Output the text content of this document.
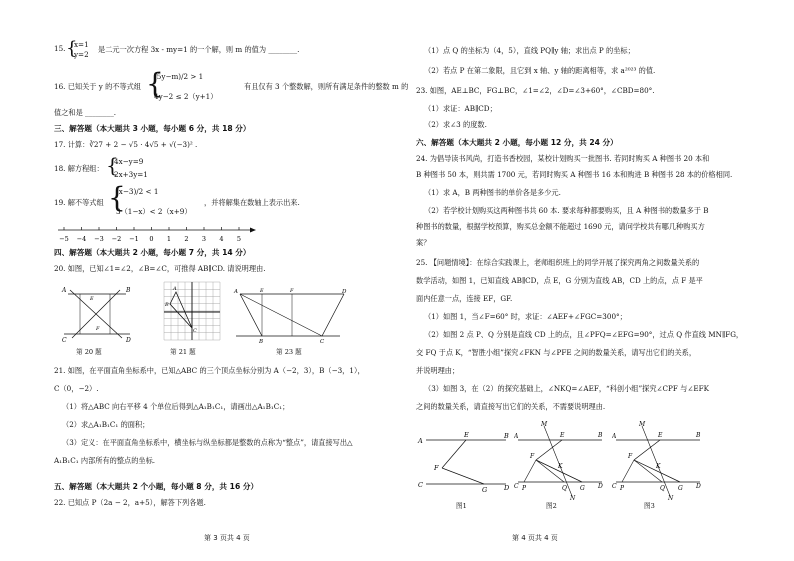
15. {
x=1
y=2
是二元一次方程 3x - my=1 的一个解，则 m 的值为 ________.
16. 已知关于 y 的不等式组 {
(5y−m)/2 > 1
4y−2 ≤ 2（y+1）
有且仅有 3 个整数解，则所有满足条件的整数 m 的
值之和是 ________.
三、解答题（本大题共 3 小题，每小题 6 分，共 18 分）
17. 计算：∛27 + 2 − √5 · 4√5 + √(−3)² .
18. 解方程组： {
4x−y=9
2x+3y=1
19. 解不等式组 {
(x−3)/2 < 1
3（1−x）< 2（x+9）
，并将解集在数轴上表示出来.
−5 −4 −3 −2 −1 0 1 2 3 4 5
四、解答题（本大题共 2 小题，每小题 7 分，共 14 分）
20. 如图，已知∠1=∠2，∠B=∠C，可推得 AB∥CD. 请说明理由.
A	B
C	D
E
F
第 20 题
A
B
C
第 21 题
A	D
B	C
E	F
第 23 题
21. 如图，在平面直角坐标系中，已知△ABC 的三个顶点坐标分别为 A（−2，3），B（−3，1），
C（0，−2）.
（1）将△ABC 向右平移 4 个单位后得到△A₁B₁C₁，请画出△A₁B₁C₁；
（2）求△A₁B₁C₁ 的面积；
（3）定义：在平面直角坐标系中，横坐标与纵坐标都是整数的点称为“整点”，请直接写出△
A₁B₁C₁ 内部所有的整点的坐标.
五、解答题（本大题共 2 个小题，每小题 8 分，共 16 分）
22. 已知点 P（2a − 2，a+5），解答下列各题.
第 3 页共 4 页
（1）点 Q 的坐标为（4，5），直线 PQ∥y 轴；求出点 P 的坐标；
（2）若点 P 在第二象限，且它到 x 轴、y 轴的距离相等，求 a²⁰²³ 的值.
23. 如图，AE⊥BC，FG⊥BC，∠1=∠2，∠D=∠3+60°，∠CBD=80°.
（1）求证：AB∥CD；
（2）求∠3 的度数.
六、解答题（本大题共 2 小题，每小题 12 分，共 24 分）
24. 为倡导读书风尚，打造书香校园，某校计划购买一批图书. 若同时购买 A 种图书 20 本和
B 种图书 50 本，则共需 1700 元，若同时购买 A 种图书 16 本和购进 B 种图书 28 本的价格相同.
（1）求 A，B 两种图书的单价各是多少元.
（2）若学校计划购买这两种图书共 60 本. 要求每种都要购买，且 A 种图书的数量多于 B
种图书的数量，根据学校预算，购买总金额不能超过 1690 元，请问学校共有哪几种购买方
案？
25. 【问题情境】：在综合实践课上，老师组织班上的同学开展了探究两角之间数量关系的
数学活动，如图 1，已知直线 AB∥CD，点 E，G 分别为直线 AB，CD 上的点，点 F 是平
面内任意一点，连接 EF，GF.
（1）如图 1，当∠F=60° 时，求证：∠AEF+∠FGC=300°；
（2）如图 2 点 P、Q 分别是直线 CD 上的点，且∠PFQ=∠EFG=90°，过点 Q 作直线 MN∥FG，
交 FQ 于点 K，“智胜小组”探究∠FKN 与∠PFE 之间的数量关系，请写出它们的关系，
并说明理由；
（3）如图 3，在（2）的探究基础上，∠NKQ=∠AEF，“科创小组”探究∠CPF 与∠EFK
之间的数量关系，请直接写出它们的关系，不需要说明理由.
A
B
C	D
E
F
G
图1
A	B
C	D
E
F
M
N
K
P	Q G
图2
A	B
C	D
E
F
M
N
K
P	Q G
图3
第 4 页共 4 页
